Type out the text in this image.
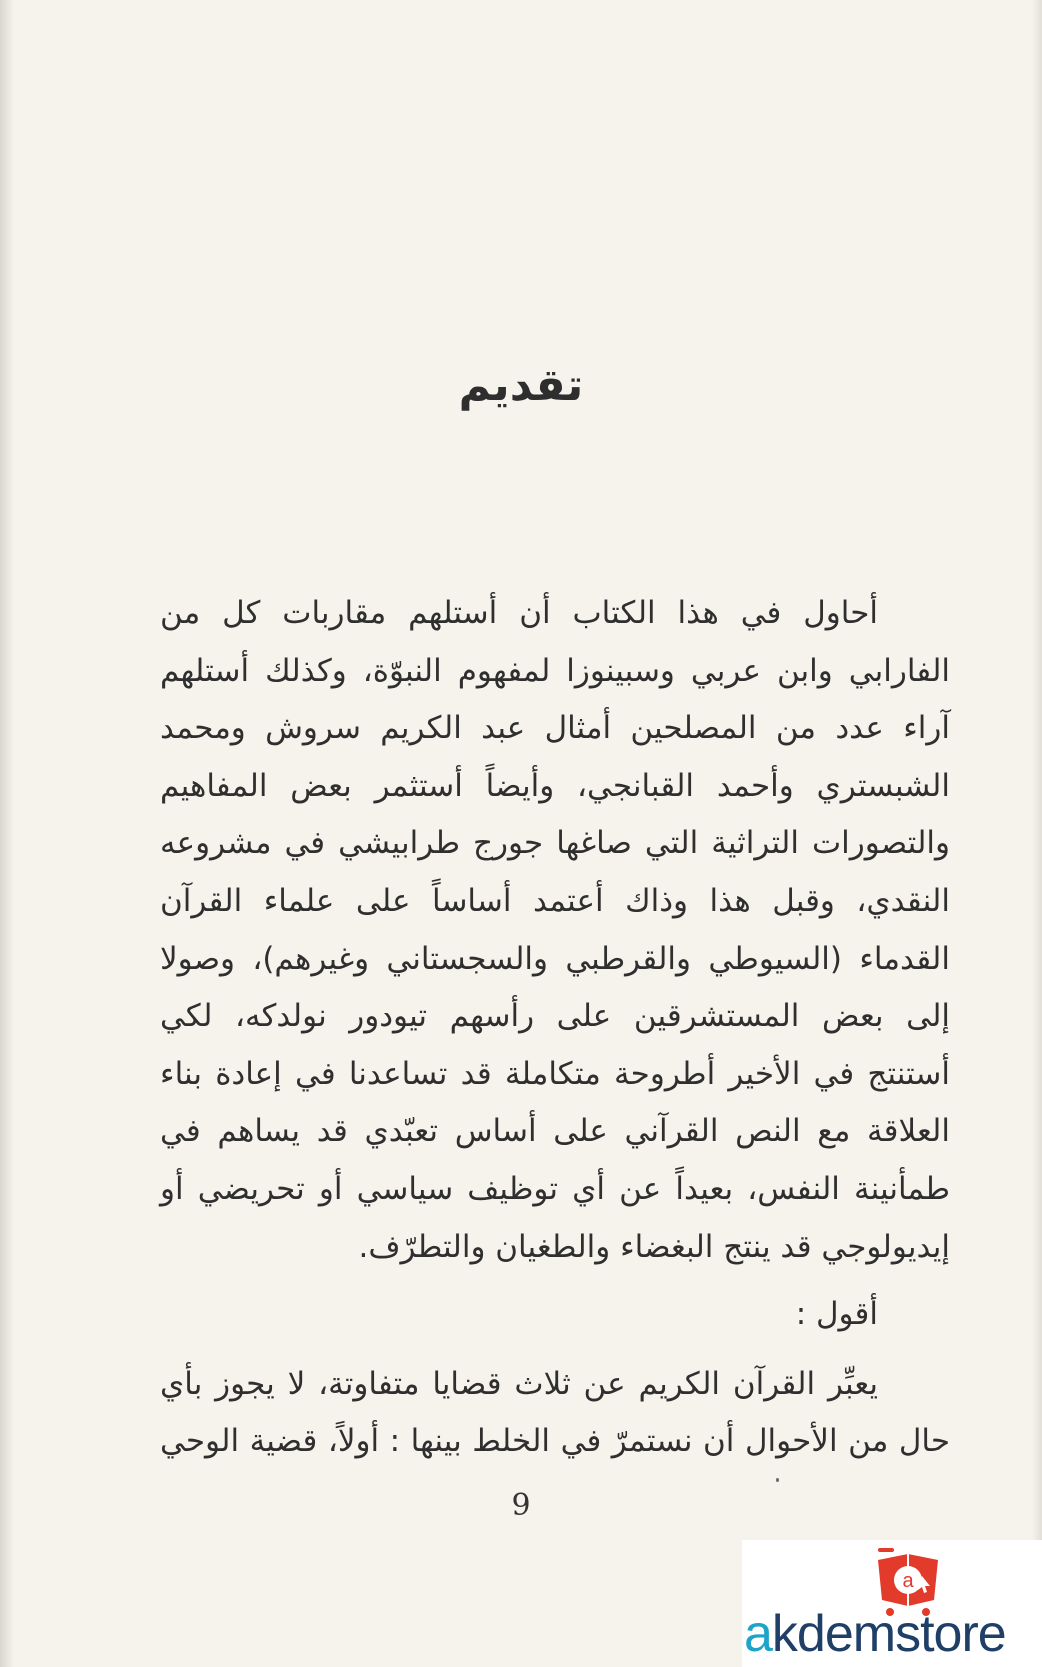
تقديم

أحاول في هذا الكتاب أن أستلهم مقاربات كل من الفارابي وابن عربي وسبينوزا لمفهوم النبوّة، وكذلك أستلهم آراء عدد من المصلحين أمثال عبد الكريم سروش ومحمد الشبستري وأحمد القبانجي، وأيضاً أستثمر بعض المفاهيم والتصورات التراثية التي صاغها جورج طرابيشي في مشروعه النقدي، وقبل هذا وذاك أعتمد أساساً على علماء القرآن القدماء (السيوطي والقرطبي والسجستاني وغيرهم)، وصولا إلى بعض المستشرقين على رأسهم تيودور نولدكه، لكي أستنتج في الأخير أطروحة متكاملة قد تساعدنا في إعادة بناء العلاقة مع النص القرآني على أساس تعبّدي قد يساهم في طمأنينة النفس، بعيداً عن أي توظيف سياسي أو تحريضي أو إيديولوجي قد ينتج البغضاء والطغيان والتطرّف.

أقول :

يعبِّر القرآن الكريم عن ثلاث قضايا متفاوتة، لا يجوز بأي حال من الأحوال أن نستمرّ في الخلط بينها : أولاً، قضية الوحي

9
a
akdemstore
